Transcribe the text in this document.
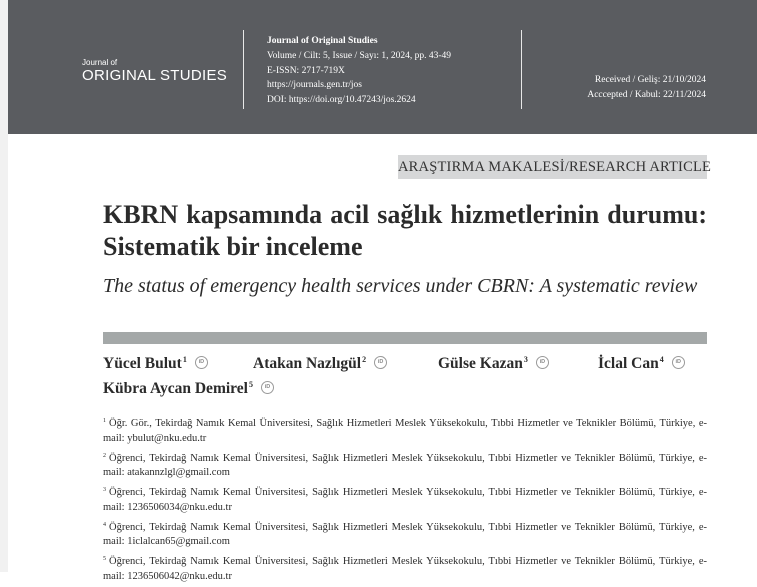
Journal of
ORIGINAL STUDIES
Journal of Original Studies
Volume / Cilt: 5, Issue / Sayı: 1, 2024, pp. 43-49
E-ISSN: 2717-719X
https://journals.gen.tr/jos
DOI: https://doi.org/10.47243/jos.2624
Received / Geliş: 21/10/2024
Acccepted / Kabul: 22/11/2024
ARAŞTIRMA MAKALESİ/RESEARCH ARTICLE
KBRN kapsamında acil sağlık hizmetlerinin durumu: Sistematik bir inceleme
The status of emergency health services under CBRN: A systematic review
Yücel Bulut$^1$ iD	Atakan Nazlıgül$^2$ iD	Gülse Kazan$^3$ iD	İclal Can$^4$ iD
Kübra Aycan Demirel$^5$ iD
$^1$ Öğr. Gör., Tekirdağ Namık Kemal Üniversitesi, Sağlık Hizmetleri Meslek Yüksekokulu, Tıbbi Hizmetler ve Teknikler Bölümü, Türkiye, e-mail: ybulut@nku.edu.tr
$^2$ Öğrenci, Tekirdağ Namık Kemal Üniversitesi, Sağlık Hizmetleri Meslek Yüksekokulu, Tıbbi Hizmetler ve Teknikler Bölümü, Türkiye, e-mail: atakannzlgl@gmail.com
$^3$ Öğrenci, Tekirdağ Namık Kemal Üniversitesi, Sağlık Hizmetleri Meslek Yüksekokulu, Tıbbi Hizmetler ve Teknikler Bölümü, Türkiye, e-mail: 1236506034@nku.edu.tr
$^4$ Öğrenci, Tekirdağ Namık Kemal Üniversitesi, Sağlık Hizmetleri Meslek Yüksekokulu, Tıbbi Hizmetler ve Teknikler Bölümü, Türkiye, e-mail: 1iclalcan65@gmail.com
$^5$ Öğrenci, Tekirdağ Namık Kemal Üniversitesi, Sağlık Hizmetleri Meslek Yüksekokulu, Tıbbi Hizmetler ve Teknikler Bölümü, Türkiye, e-mail: 1236506042@nku.edu.tr
